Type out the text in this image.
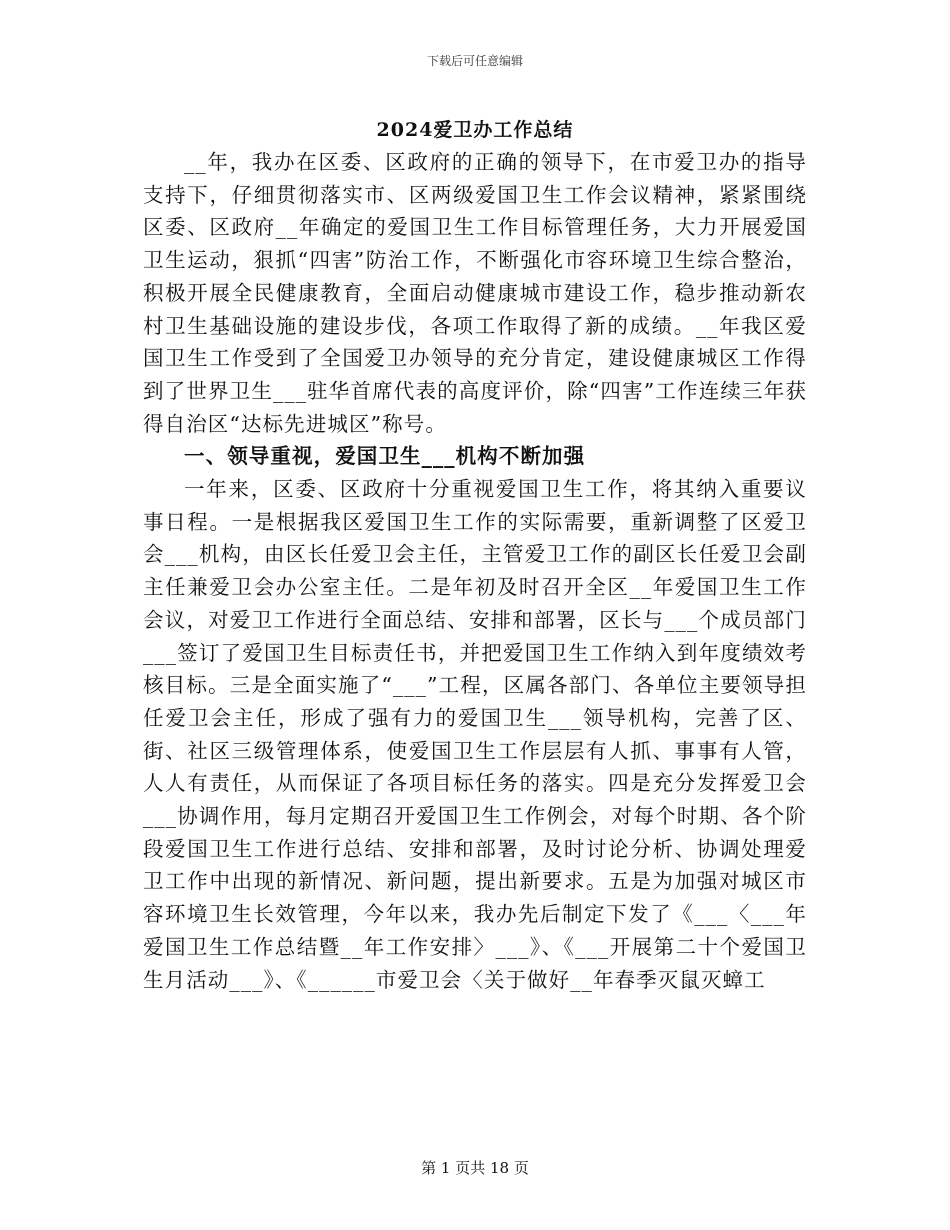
下载后可任意编辑
2024爱卫办工作总结

__年，我办在区委、区政府的正确的领导下，在市爱卫办的指导支持下，仔细贯彻落实市、区两级爱国卫生工作会议精神，紧紧围绕区委、区政府__年确定的爱国卫生工作目标管理任务，大力开展爱国卫生运动，狠抓“四害”防治工作，不断强化市容环境卫生综合整治，积极开展全民健康教育，全面启动健康城市建设工作，稳步推动新农村卫生基础设施的建设步伐，各项工作取得了新的成绩。__年我区爱国卫生工作受到了全国爱卫办领导的充分肯定，建设健康城区工作得到了世界卫生___驻华首席代表的高度评价，除“四害”工作连续三年获得自治区“达标先进城区”称号。

一、领导重视，爱国卫生___机构不断加强

一年来，区委、区政府十分重视爱国卫生工作，将其纳入重要议事日程。一是根据我区爱国卫生工作的实际需要，重新调整了区爱卫会___机构，由区长任爱卫会主任，主管爱卫工作的副区长任爱卫会副主任兼爱卫会办公室主任。二是年初及时召开全区__年爱国卫生工作会议，对爱卫工作进行全面总结、安排和部署，区长与___个成员部门___签订了爱国卫生目标责任书，并把爱国卫生工作纳入到年度绩效考核目标。三是全面实施了“___”工程，区属各部门、各单位主要领导担任爱卫会主任，形成了强有力的爱国卫生___领导机构，完善了区、街、社区三级管理体系，使爱国卫生工作层层有人抓、事事有人管，人人有责任，从而保证了各项目标任务的落实。四是充分发挥爱卫会___协调作用，每月定期召开爱国卫生工作例会，对每个时期、各个阶段爱国卫生工作进行总结、安排和部署，及时讨论分析、协调处理爱卫工作中出现的新情况、新问题，提出新要求。五是为加强对城区市容环境卫生长效管理，今年以来，我办先后制定下发了《___〈___年爱国卫生工作总结暨__年工作安排〉___》、《___开展第二十个爱国卫生月活动___》、《______市爱卫会〈关于做好__年春季灭鼠灭蟑工

第 1 页共 18 页
